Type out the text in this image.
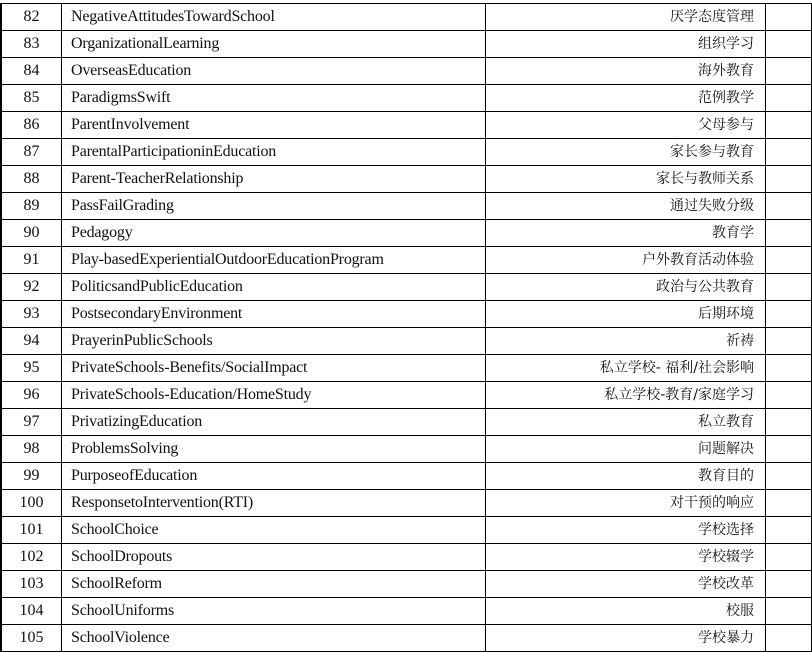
82	NegativeAttitudesTowardSchool	厌学态度管理	
83	OrganizationalLearning	组织学习	
84	OverseasEducation	海外教育	
85	ParadigmsSwift	范例教学	
86	ParentInvolvement	父母参与	
87	ParentalParticipationinEducation	家长参与教育	
88	Parent-TeacherRelationship	家长与教师关系	
89	PassFailGrading	通过失败分级	
90	Pedagogy	教育学	
91	Play-basedExperientialOutdoorEducationProgram	户外教育活动体验	
92	PoliticsandPublicEducation	政治与公共教育	
93	PostsecondaryEnvironment	后期环境	
94	PrayerinPublicSchools	祈祷	
95	PrivateSchools-Benefits/SocialImpact	私立学校- 福利/社会影响	
96	PrivateSchools-Education/HomeStudy	私立学校-教育/家庭学习	
97	PrivatizingEducation	私立教育	
98	ProblemsSolving	问题解决	
99	PurposeofEducation	教育目的	
100	ResponsetoIntervention(RTI)	对干预的响应	
101	SchoolChoice	学校选择	
102	SchoolDropouts	学校辍学	
103	SchoolReform	学校改革	
104	SchoolUniforms	校服	
105	SchoolViolence	学校暴力	
